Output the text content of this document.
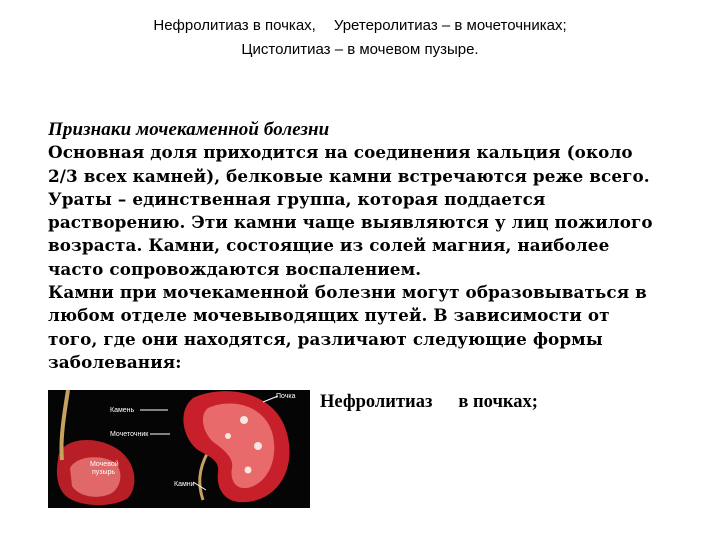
Нефролитиаз в почках, Уретеролитиаз – в мочеточниках;
Цистолитиаз – в мочевом пузыре.
Признаки мочекаменной болезни
Основная доля приходится на соединения кальция (около
2/3 всех камней), белковые камни встречаются реже всего.
Ураты – единственная группа, которая поддается
растворению. Эти камни чаще выявляются у лиц пожилого
возраста. Камни, состоящие из солей магния, наиболее
часто сопровождаются воспалением.
Камни при мочекаменной болезни могут образовываться в
любом отделе мочевыводящих путей. В зависимости от
того, где они находятся, различают следующие формы
заболевания:
Камень
Почка
Мочеточник
Мочевой
пузырь
Камни
Нефролитиаз в почках;
